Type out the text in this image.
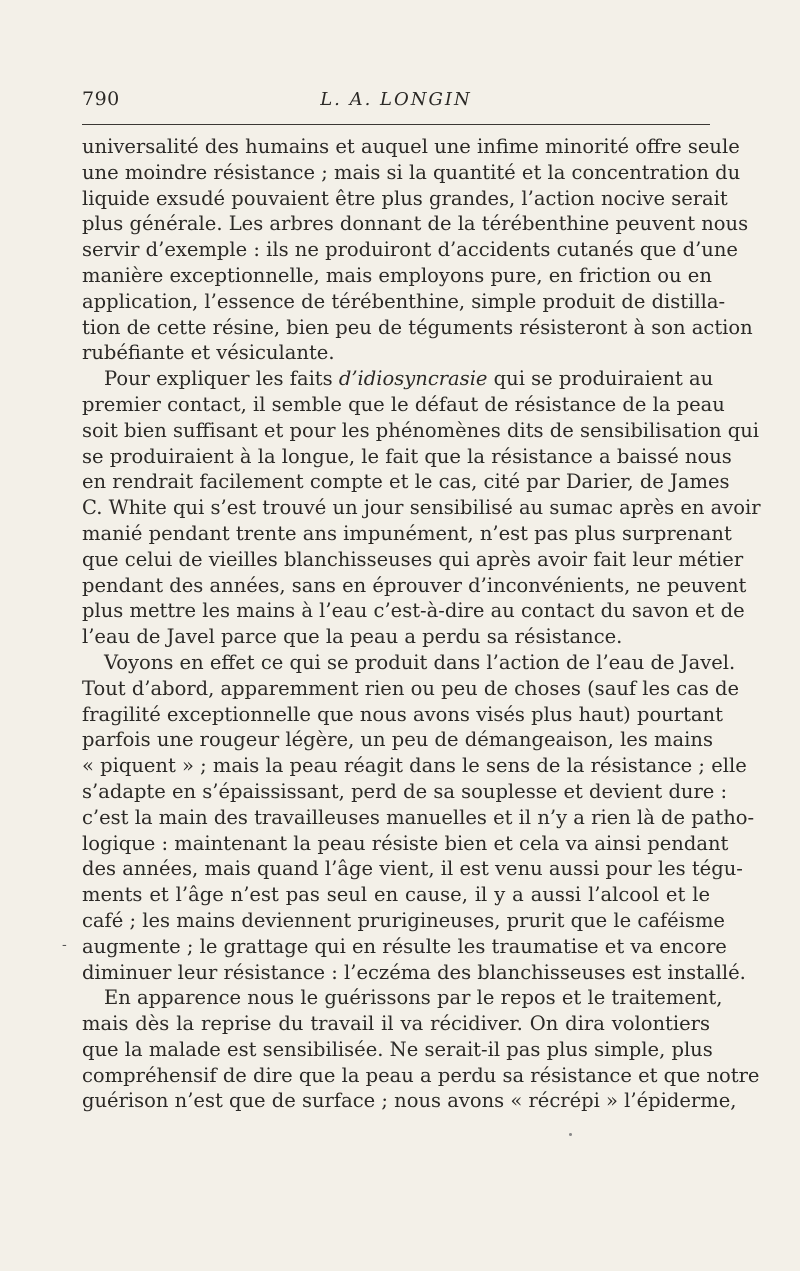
790	L. A. LONGIN
universalité des humains et auquel une infime minorité offre seule
une moindre résistance ; mais si la quantité et la concentration du
liquide exsudé pouvaient être plus grandes, l’action nocive serait
plus générale. Les arbres donnant de la térébenthine peuvent nous
servir d’exemple : ils ne produiront d’accidents cutanés que d’une
manière exceptionnelle, mais employons pure, en friction ou en
application, l’essence de térébenthine, simple produit de distilla-
tion de cette résine, bien peu de téguments résisteront à son action
rubéfiante et vésiculante.
Pour expliquer les faits d’idiosyncrasie qui se produiraient au
premier contact, il semble que le défaut de résistance de la peau
soit bien suffisant et pour les phénomènes dits de sensibilisation qui
se produiraient à la longue, le fait que la résistance a baissé nous
en rendrait facilement compte et le cas, cité par Darier, de James
C. White qui s’est trouvé un jour sensibilisé au sumac après en avoir
manié pendant trente ans impunément, n’est pas plus surprenant
que celui de vieilles blanchisseuses qui après avoir fait leur métier
pendant des années, sans en éprouver d’inconvénients, ne peuvent
plus mettre les mains à l’eau c’est-à-dire au contact du savon et de
l’eau de Javel parce que la peau a perdu sa résistance.
Voyons en effet ce qui se produit dans l’action de l’eau de Javel.
Tout d’abord, apparemment rien ou peu de choses (sauf les cas de
fragilité exceptionnelle que nous avons visés plus haut) pourtant
parfois une rougeur légère, un peu de démangeaison, les mains
« piquent » ; mais la peau réagit dans le sens de la résistance ; elle
s’adapte en s’épaississant, perd de sa souplesse et devient dure :
c’est la main des travailleuses manuelles et il n’y a rien là de patho-
logique : maintenant la peau résiste bien et cela va ainsi pendant
des années, mais quand l’âge vient, il est venu aussi pour les tégu-
ments et l’âge n’est pas seul en cause, il y a aussi l’alcool et le
café ; les mains deviennent prurigineuses, prurit que le caféisme
augmente ; le grattage qui en résulte les traumatise et va encore
diminuer leur résistance : l’eczéma des blanchisseuses est installé.
En apparence nous le guérissons par le repos et le traitement,
mais dès la reprise du travail il va récidiver. On dira volontiers
que la malade est sensibilisée. Ne serait-il pas plus simple, plus
compréhensif de dire que la peau a perdu sa résistance et que notre
guérison n’est que de surface ; nous avons « récrépi » l’épiderme,
-
